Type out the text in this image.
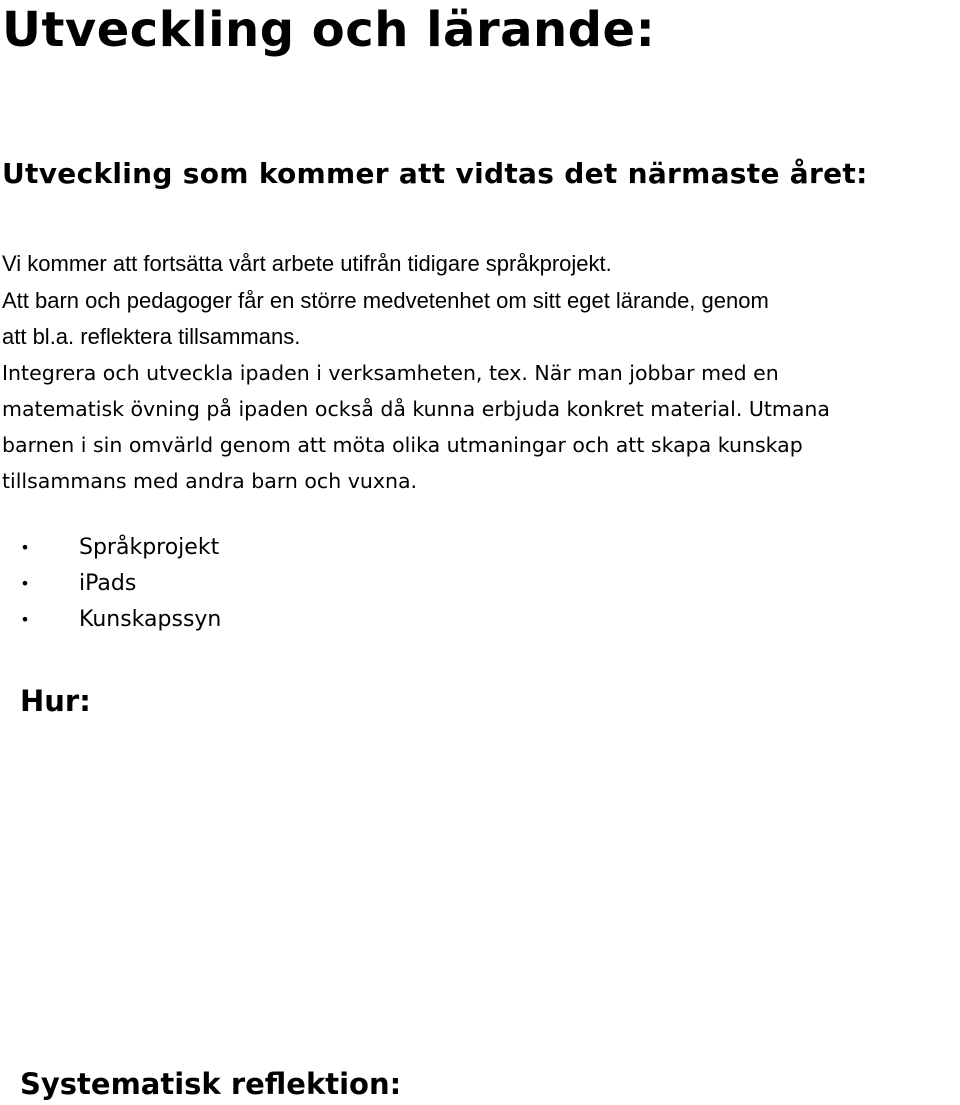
Utveckling och lärande:
Utveckling som kommer att vidtas det närmaste året:

Vi kommer att fortsätta vårt arbete utifrån tidigare språkprojekt.

Att barn och pedagoger får en större medvetenhet om sitt eget lärande, genom

att bl.a. reflektera tillsammans.

Integrera och utveckla ipaden i verksamheten, tex. När man jobbar med en

matematisk övning på ipaden också då kunna erbjuda konkret material. Utmana

barnen i sin omvärld genom att möta olika utmaningar och att skapa kunskap

tillsammans med andra barn och vuxna.

• Språkprojekt
• iPads
• Kunskapssyn
Hur:
Systematisk reflektion:
